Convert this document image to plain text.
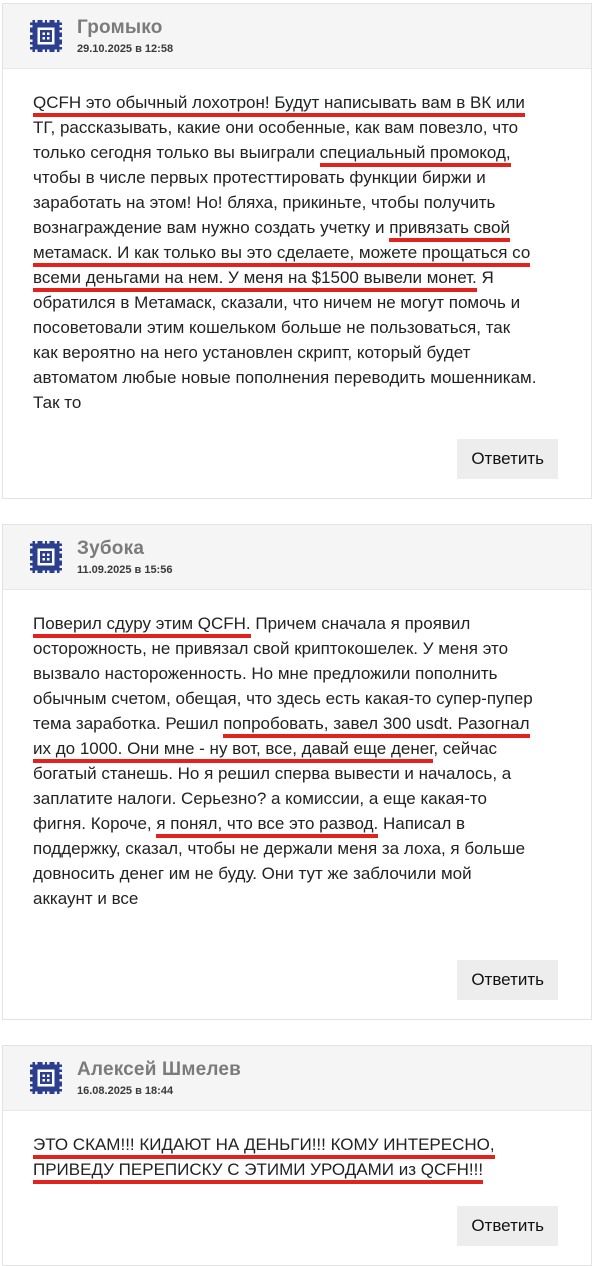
Громыко
29.10.2025 в 12:58
QCFH это обычный лохотрон! Будут написывать вам в ВК или
ТГ, рассказывать, какие они особенные, как вам повезло, что
только сегодня только вы выиграли специальный промокод,
чтобы в числе первых протесттировать функции биржи и
заработать на этом! Но! бляха, прикиньте, чтобы получить
вознаграждение вам нужно создать учетку и привязать свой
метамаск. И как только вы это сделаете, можете прощаться со
всеми деньгами на нем. У меня на $1500 вывели монет. Я
обратился в Метамаск, сказали, что ничем не могут помочь и
посоветовали этим кошельком больше не пользоваться, так
как вероятно на него установлен скрипт, который будет
автоматом любые новые пополнения переводить мошенникам.
Так то
Ответить
Зубока
11.09.2025 в 15:56
Поверил сдуру этим QCFH. Причем сначала я проявил
осторожность, не привязал свой криптокошелек. У меня это
вызвало настороженность. Но мне предложили пополнить
обычным счетом, обещая, что здесь есть какая-то супер-пупер
тема заработка. Решил попробовать, завел 300 usdt. Разогнал
их до 1000. Они мне - ну вот, все, давай еще денег, сейчас
богатый станешь. Но я решил сперва вывести и началось, а
заплатите налоги. Серьезно? а комиссии, а еще какая-то
фигня. Короче, я понял, что все это развод. Написал в
поддержку, сказал, чтобы не держали меня за лоха, я больше
довносить денег им не буду. Они тут же заблочили мой
аккаунт и все
Ответить
Алексей Шмелев
16.08.2025 в 18:44
ЭТО СКАМ!!! КИДАЮТ НА ДЕНЬГИ!!! КОМУ ИНТЕРЕСНО,
ПРИВЕДУ ПЕРЕПИСКУ С ЭТИМИ УРОДАМИ из QCFH!!!
Ответить
